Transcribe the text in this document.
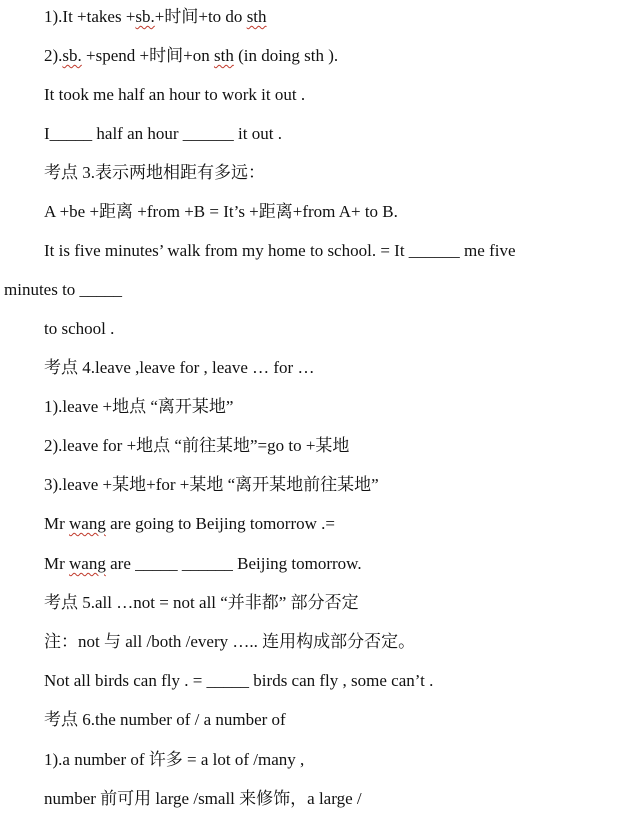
1).It +takes +sb.+时间+to do sth
2).sb. +spend +时间+on sth (in doing sth ).
It took me half an hour to work it out .
I_____ half an hour ______ it out .
考点 3.表示两地相距有多远：
A +be +距离 +from +B = It’s +距离+from A+ to B.
It is five minutes’ walk from my home to school. = It ______ me five
minutes to _____
to school .
考点 4.leave ,leave for , leave … for …
1).leave +地点 “离开某地”
2).leave for +地点 “前往某地”=go to +某地
3).leave +某地+for +某地 “离开某地前往某地”
Mr wang are going to Beijing tomorrow .=
Mr wang are _____ ______ Beijing tomorrow.
考点 5.all …not = not all “并非都” 部分否定
注：not 与 all /both /every ….. 连用构成部分否定。
Not all birds can fly . = _____ birds can fly , some can’t .
考点 6.the number of / a number of
1).a number of 许多 = a lot of /many ,
number 前可用 large /small 来修饰，a large /
